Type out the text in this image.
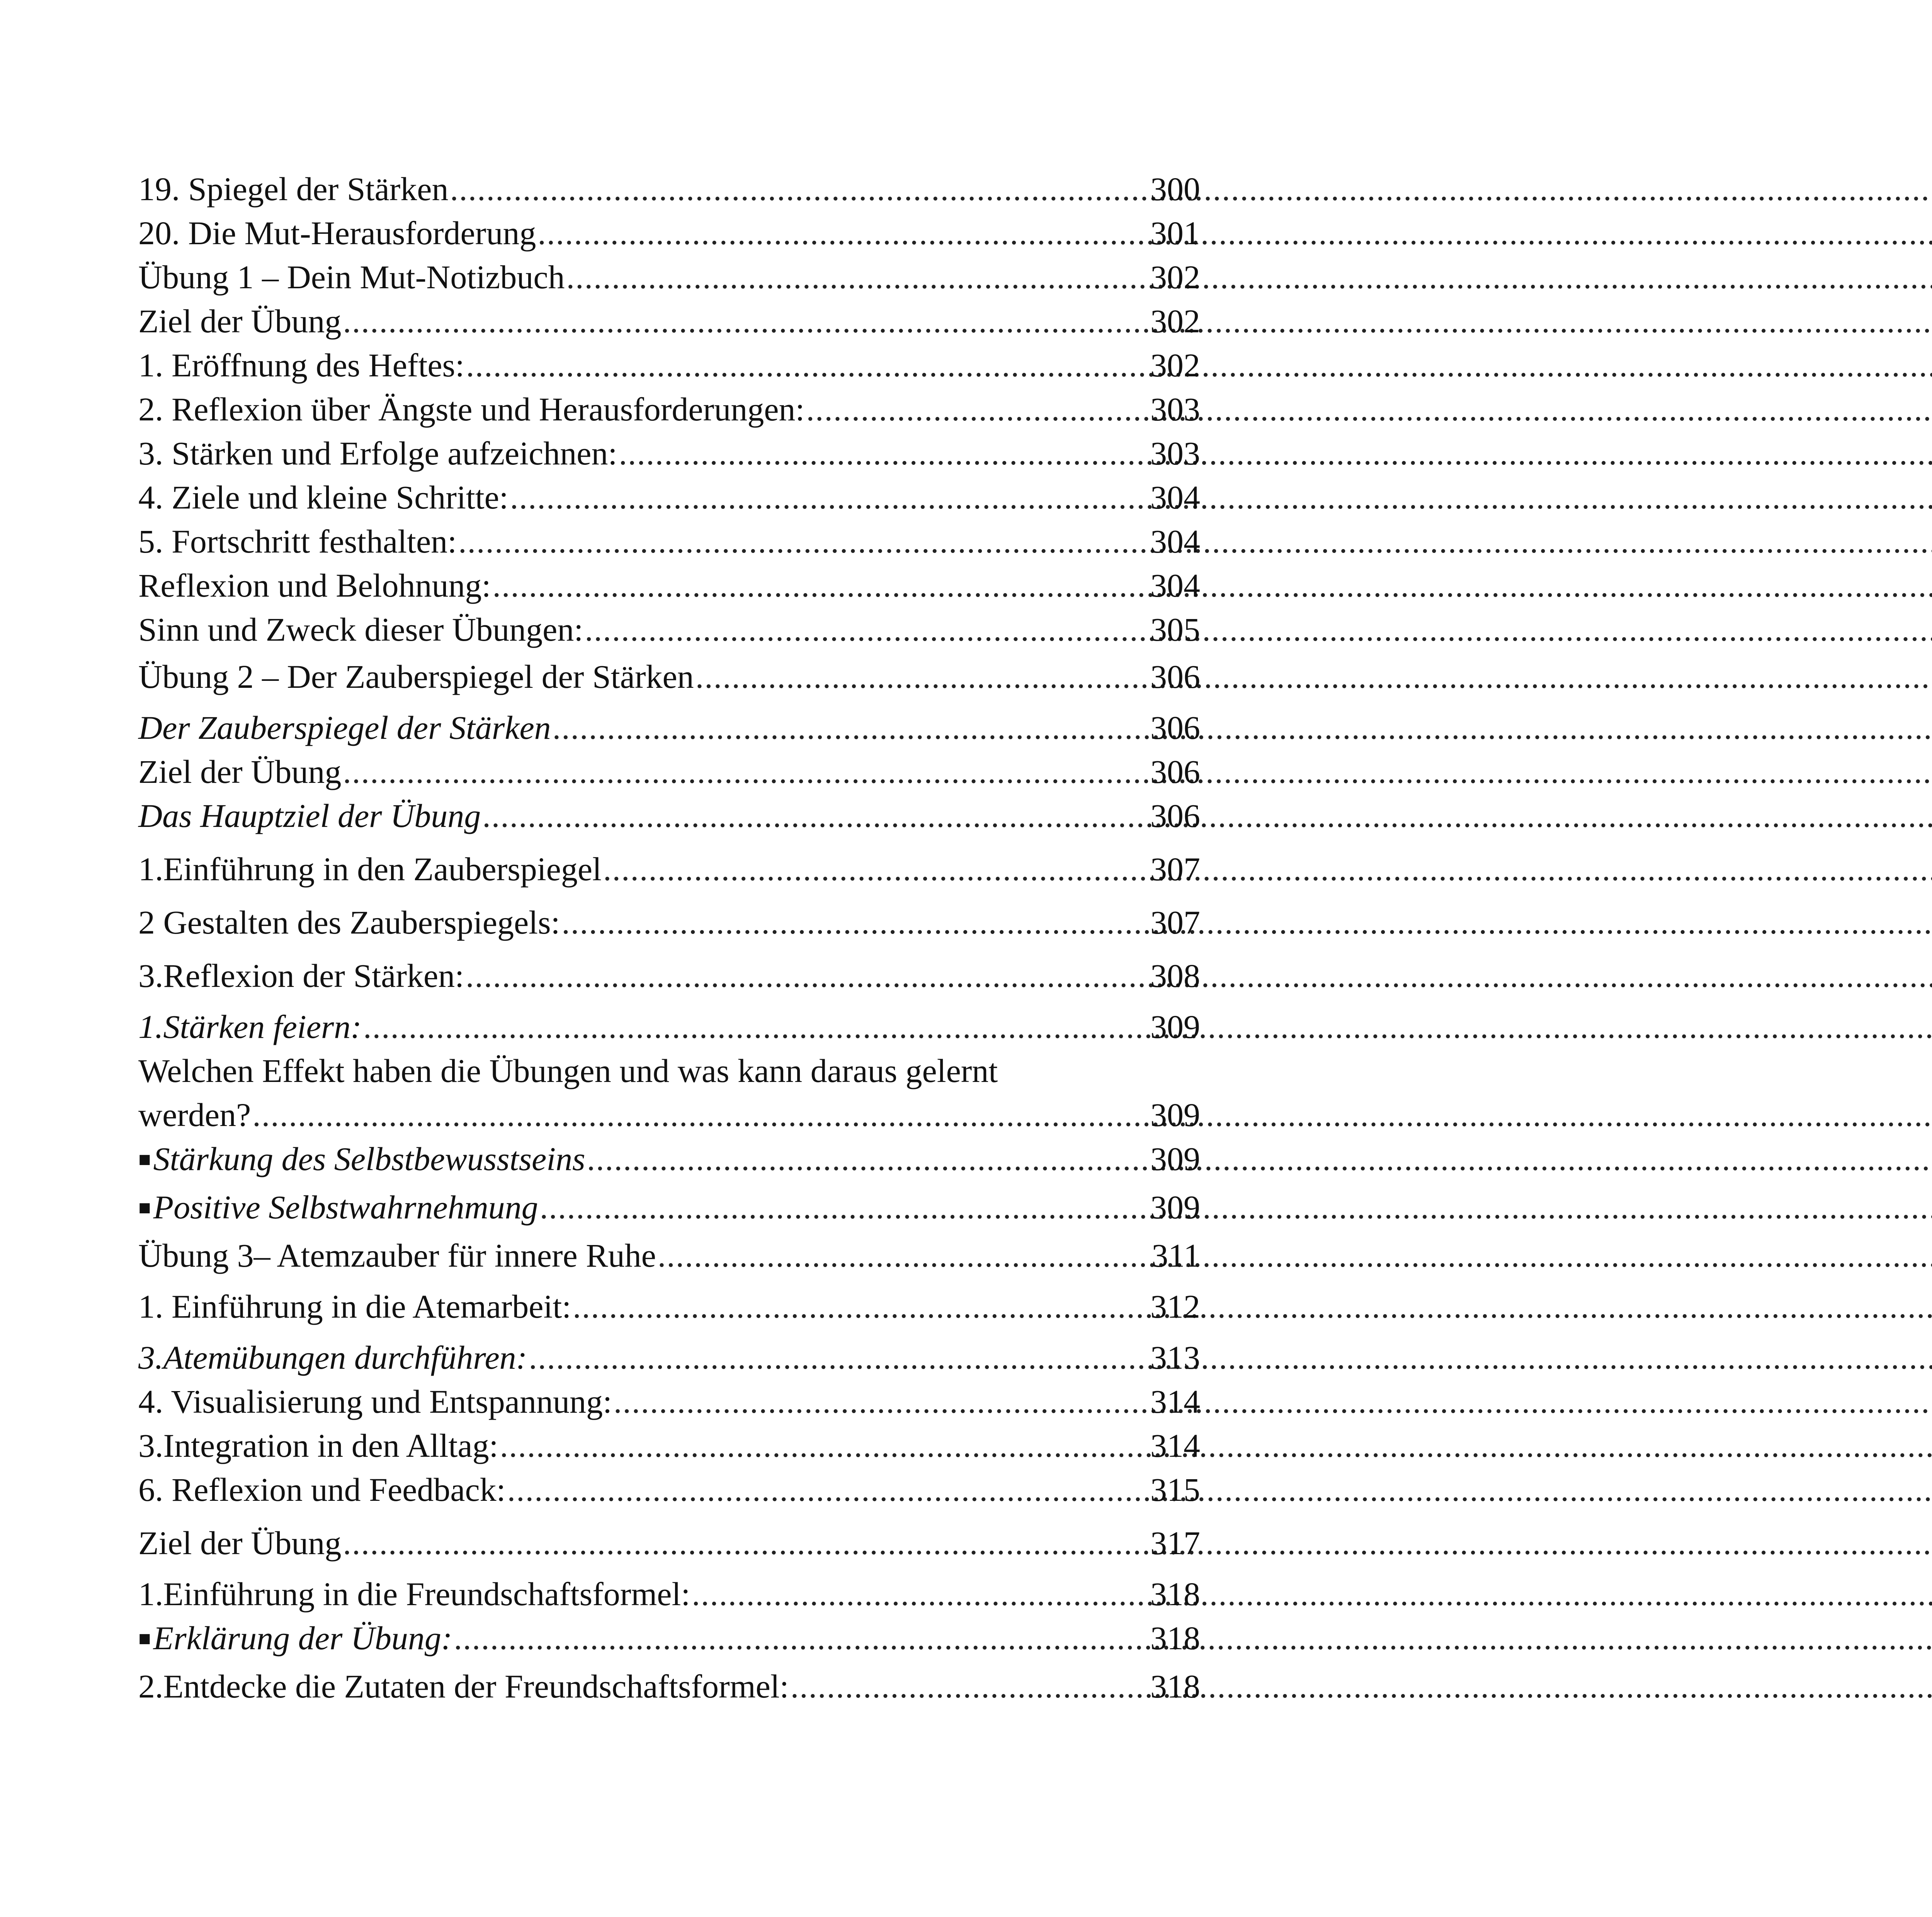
19. Spiegel der Stärken .....	300
20. Die Mut-Herausforderung .....	301
Übung 1 – Dein Mut-Notizbuch .....	302
Ziel der Übung .....	302
1. Eröffnung des Heftes: .....	302
2. Reflexion über Ängste und Herausforderungen: .....	303
3. Stärken und Erfolge aufzeichnen: .....	303
4. Ziele und kleine Schritte: .....	304
5. Fortschritt festhalten: .....	304
Reflexion und Belohnung: .....	304
Sinn und Zweck dieser Übungen: .....	305
Übung 2 – Der Zauberspiegel der Stärken .....	306
Der Zauberspiegel der Stärken .....	306
Ziel der Übung .....	306
Das Hauptziel der Übung .....	306
1.Einführung in den Zauberspiegel .....	307
2 Gestalten des Zauberspiegels: .....	307
3.Reflexion der Stärken: .....	308
1.Stärken feiern: .....	309
Welchen Effekt haben die Übungen und was kann daraus gelernt
werden? .....	309
■Stärkung des Selbstbewusstseins .....	309
■Positive Selbstwahrnehmung .....	309
Übung 3– Atemzauber für innere Ruhe .....	311
1. Einführung in die Atemarbeit: .....	312
3.Atemübungen durchführen: .....	313
4. Visualisierung und Entspannung: .....	314
3.Integration in den Alltag: .....	314
6. Reflexion und Feedback: .....	315
Ziel der Übung .....	317
1.Einführung in die Freundschaftsformel: .....	318
■Erklärung der Übung: .....	318
2.Entdecke die Zutaten der Freundschaftsformel: .....	318
